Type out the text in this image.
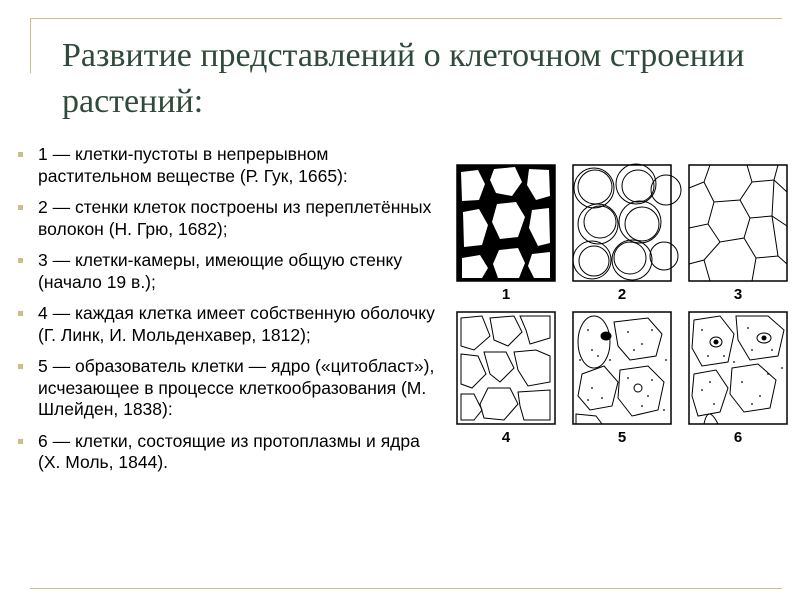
Развитие представлений о клеточном строении растений:
1 — клетки-пустоты в непрерывном растительном веществе (Р. Гук, 1665):
2 — стенки клеток построены из переплетённых волокон (Н. Грю, 1682);
3 — клетки-камеры, имеющие общую стенку (начало 19 в.);
4 — каждая клетка имеет собственную оболочку (Г. Линк, И. Мольденхавер, 1812);
5 — образователь клетки — ядро («цитобласт»), исчезающее в процессе клеткообразования (М. Шлейден, 1838):
6 — клетки, состоящие из протоплазмы и ядра (Х. Моль, 1844).
1	2	3
4	5	6
